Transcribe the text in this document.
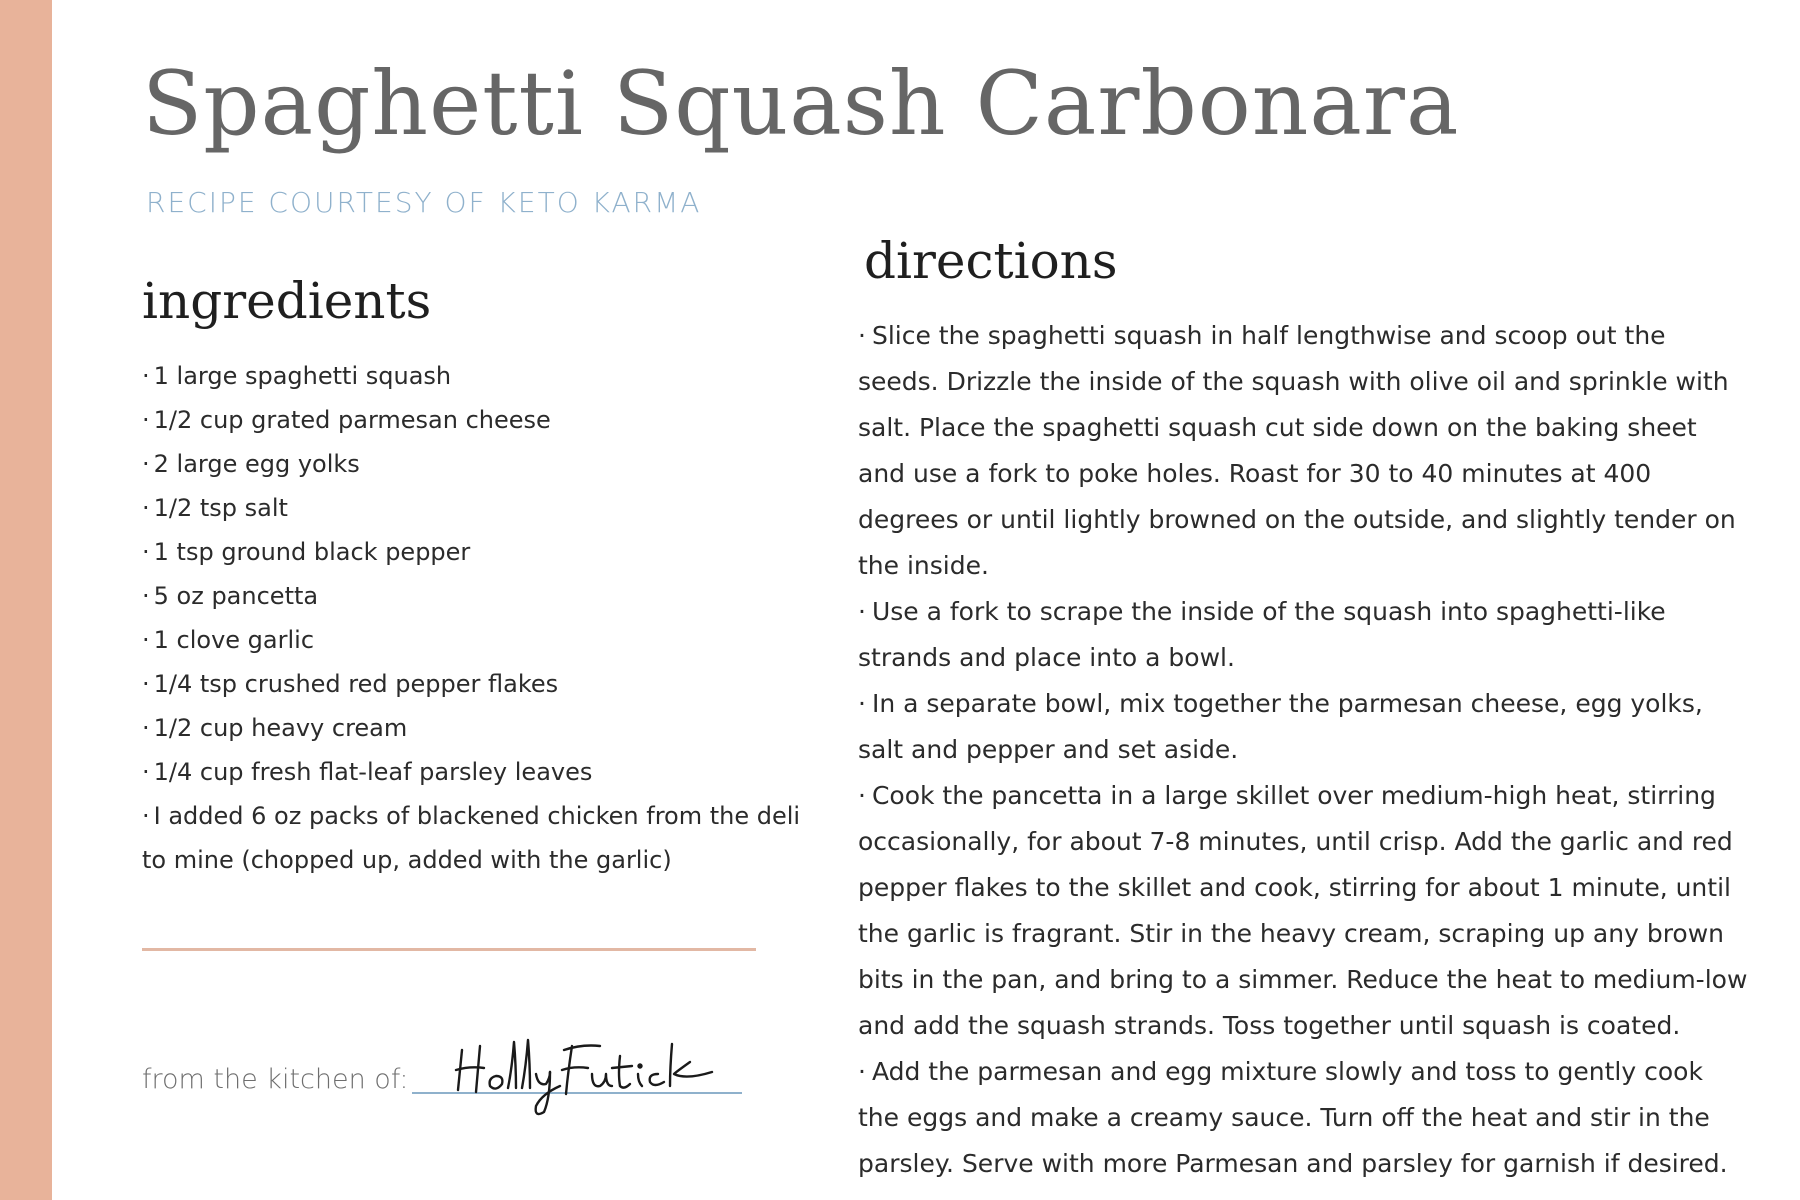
Spaghetti Squash Carbonara
RECIPE COURTESY OF KETO KARMA
ingredients
· 1 large spaghetti squash
· 1/2 cup grated parmesan cheese
· 2 large egg yolks
· 1/2 tsp salt
· 1 tsp ground black pepper
· 5 oz pancetta
· 1 clove garlic
· 1/4 tsp crushed red pepper flakes
· 1/2 cup heavy cream
· 1/4 cup fresh flat-leaf parsley leaves
· I added 6 oz packs of blackened chicken from the deli to mine (chopped up, added with the garlic)
directions
· Slice the spaghetti squash in half lengthwise and scoop out the seeds. Drizzle the inside of the squash with olive oil and sprinkle with salt. Place the spaghetti squash cut side down on the baking sheet and use a fork to poke holes. Roast for 30 to 40 minutes at 400 degrees or until lightly browned on the outside, and slightly tender on the inside.
· Use a fork to scrape the inside of the squash into spaghetti-like strands and place into a bowl.
· In a separate bowl, mix together the parmesan cheese, egg yolks, salt and pepper and set aside.
· Cook the pancetta in a large skillet over medium-high heat, stirring occasionally, for about 7-8 minutes, until crisp. Add the garlic and red pepper flakes to the skillet and cook, stirring for about 1 minute, until the garlic is fragrant. Stir in the heavy cream, scraping up any brown bits in the pan, and bring to a simmer. Reduce the heat to medium-low and add the squash strands. Toss together until squash is coated.
· Add the parmesan and egg mixture slowly and toss to gently cook the eggs and make a creamy sauce. Turn off the heat and stir in the parsley. Serve with more Parmesan and parsley for garnish if desired.
from the kitchen of:
